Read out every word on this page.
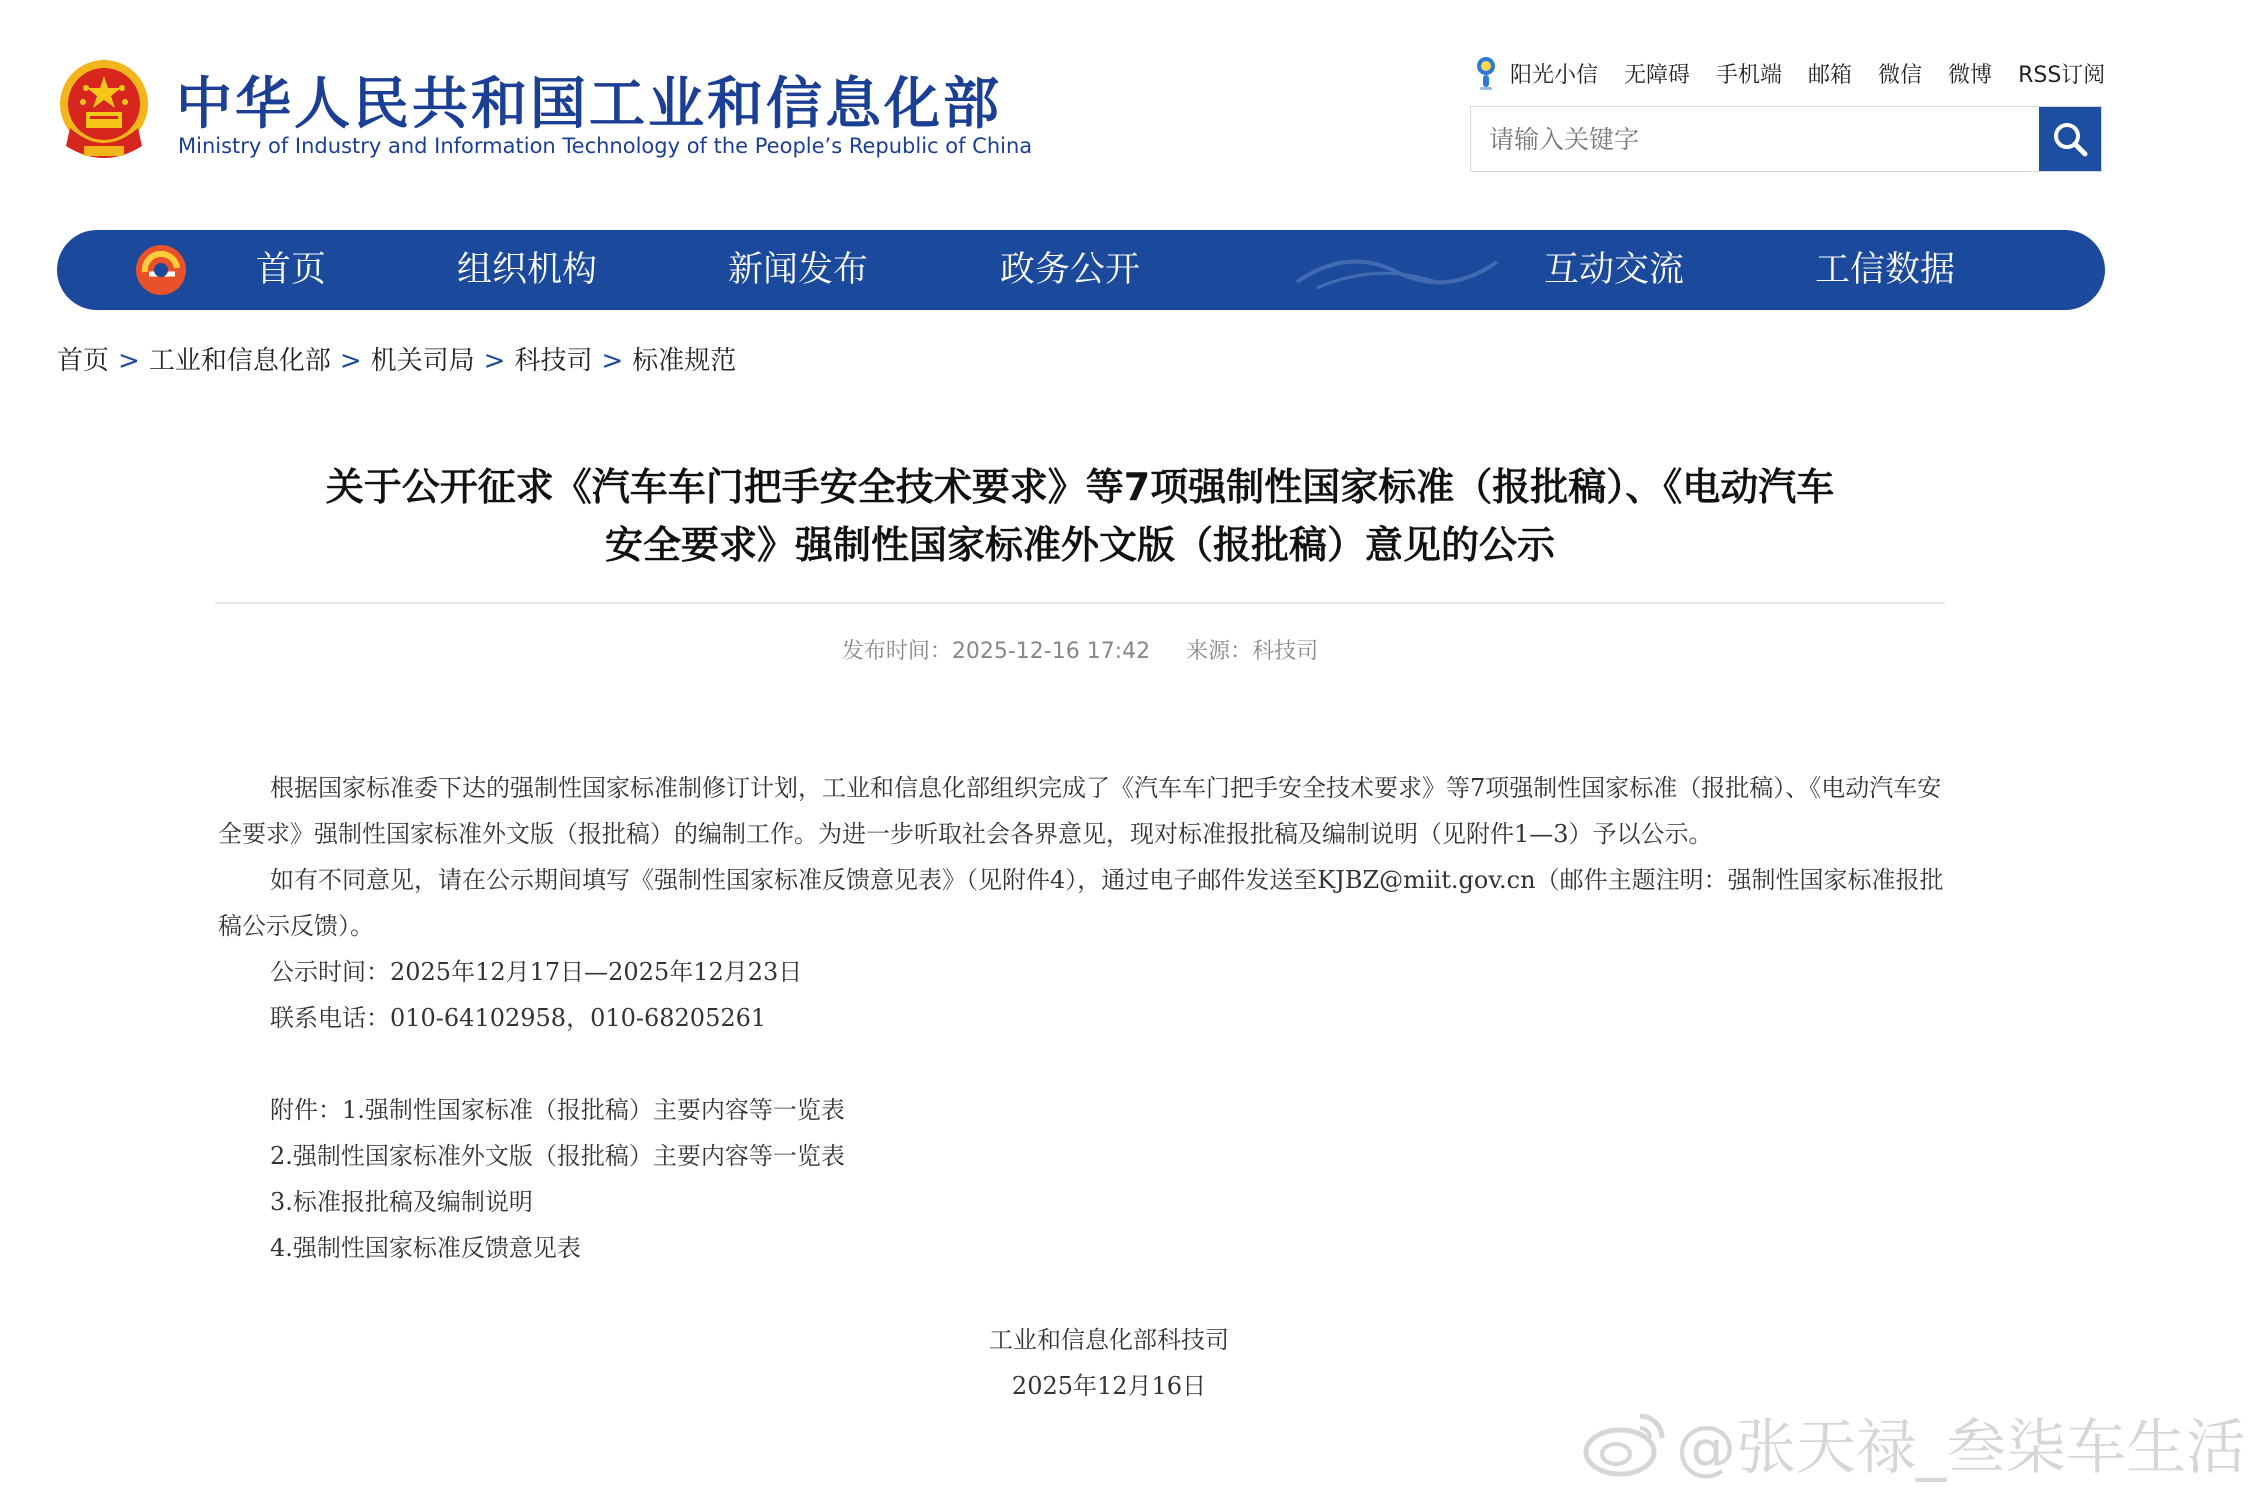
中华人民共和国工业和信息化部
Ministry of Industry and Information Technology of the People’s Republic of China
阳光小信 无障碍 手机端 邮箱 微信 微博 RSS订阅
请输入关键字
首页	组织机构	新闻发布	政务公开	互动交流	工信数据
首页 > 工业和信息化部 > 机关司局 > 科技司 > 标准规范
关于公开征求《汽车车门把手安全技术要求》等7项强制性国家标准（报批稿）、《电动汽车
安全要求》强制性国家标准外文版（报批稿）意见的公示
发布时间：2025-12-16 17:42 来源：科技司

根据国家标准委下达的强制性国家标准制修订计划，工业和信息化部组织完成了《汽车车门把手安全技术要求》等7项强制性国家标准（报批稿）、《电动汽车安全要求》强制性国家标准外文版（报批稿）的编制工作。为进一步听取社会各界意见，现对标准报批稿及编制说明（见附件1—3）予以公示。

如有不同意见，请在公示期间填写《强制性国家标准反馈意见表》（见附件4），通过电子邮件发送至KJBZ@miit.gov.cn（邮件主题注明：强制性国家标准报批稿公示反馈）。

公示时间：2025年12月17日—2025年12月23日

联系电话：010-64102958，010-68205261

附件：1.强制性国家标准（报批稿）主要内容等一览表

2.强制性国家标准外文版（报批稿）主要内容等一览表

3.标准报批稿及编制说明

4.强制性国家标准反馈意见表

工业和信息化部科技司

2025年12月16日

@张天禄_叁柒车生活
